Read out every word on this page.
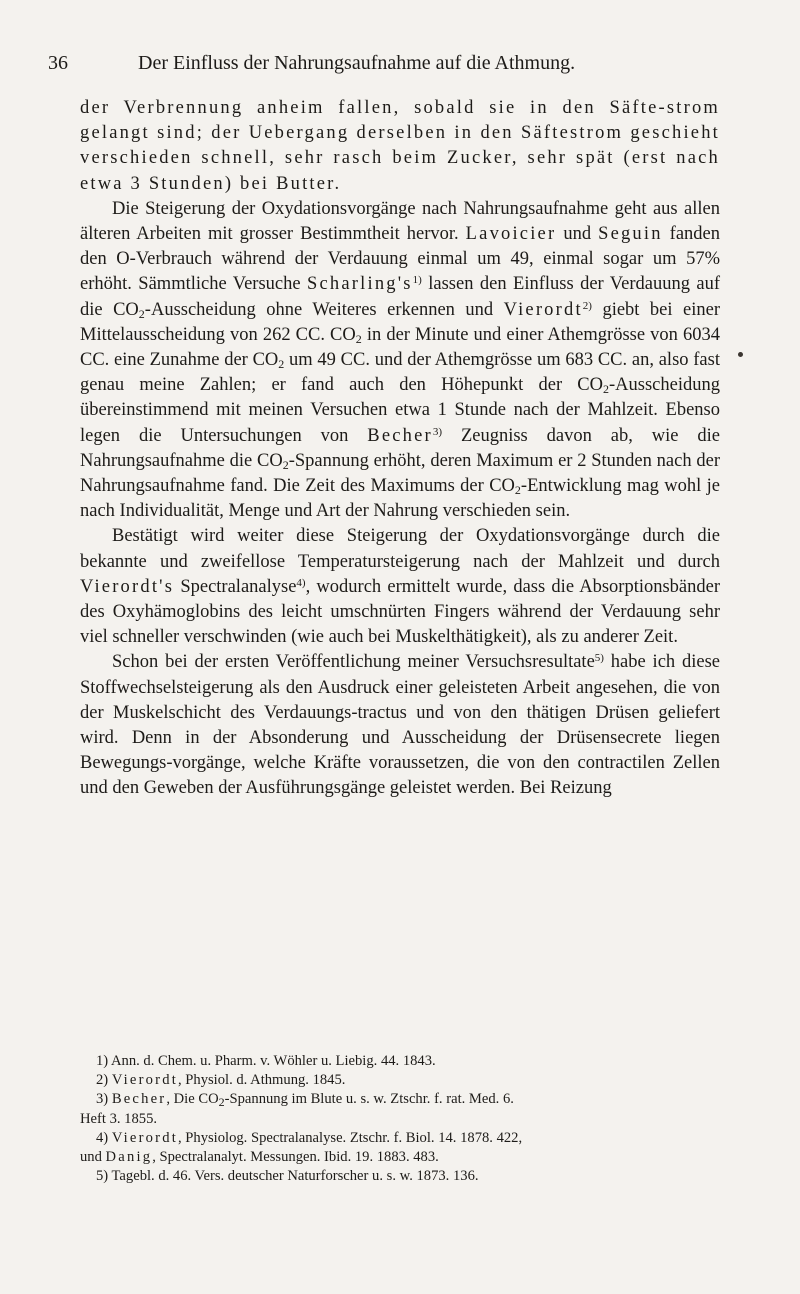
36	Der Einfluss der Nahrungsaufnahme auf die Athmung.

der Verbrennung anheim fallen, sobald sie in den Säfte-strom gelangt sind; der Uebergang derselben in den Säftestrom geschieht verschieden schnell, sehr rasch beim Zucker, sehr spät (erst nach etwa 3 Stunden) bei Butter.

Die Steigerung der Oxydationsvorgänge nach Nahrungsaufnahme geht aus allen älteren Arbeiten mit grosser Bestimmtheit hervor. Lavoicier und Seguin fanden den O-Verbrauch während der Verdauung einmal um 49, einmal sogar um 57% erhöht. Sämmtliche Versuche $Scharling's^{1)}$ lassen den Einfluss der Verdauung auf die $CO_2$-Ausscheidung ohne Weiteres erkennen und Vierordt$^{2)}$ giebt bei einer Mittelausscheidung von 262 CC. $CO_2$ in der Minute und einer Athemgrösse von 6034 CC. eine Zunahme der $CO_2$ um 49 CC. und der Athemgrösse um 683 CC. an, also fast genau meine Zahlen; er fand auch den Höhepunkt der $CO_2$-Ausscheidung übereinstimmend mit meinen Versuchen etwa 1 Stunde nach der Mahlzeit. Ebenso legen die Untersuchungen von Becher$^{3)}$ Zeugniss davon ab, wie die Nahrungsaufnahme die $CO_2$-Spannung erhöht, deren Maximum er 2 Stunden nach der Nahrungsaufnahme fand. Die Zeit des Maximums der $CO_2$-Entwicklung mag wohl je nach Individualität, Menge und Art der Nahrung verschieden sein.

Bestätigt wird weiter diese Steigerung der Oxydationsvorgänge durch die bekannte und zweifellose Temperatursteigerung nach der Mahlzeit und durch Vierordt's Spectralanalyse$^{4)}$, wodurch ermittelt wurde, dass die Absorptionsbänder des Oxyhämoglobins des leicht umschnürten Fingers während der Verdauung sehr viel schneller verschwinden (wie auch bei Muskelthätigkeit), als zu anderer Zeit.

Schon bei der ersten Veröffentlichung meiner Versuchsresultate$^{5)}$ habe ich diese Stoffwechselsteigerung als den Ausdruck einer geleisteten Arbeit angesehen, die von der Muskelschicht des Verdauungs-tractus und von den thätigen Drüsen geliefert wird. Denn in der Absonderung und Ausscheidung der Drüsensecrete liegen Bewegungs-vorgänge, welche Kräfte voraussetzen, die von den contractilen Zellen und den Geweben der Ausführungsgänge geleistet werden. Bei Reizung

1) Ann. d. Chem. u. Pharm. v. Wöhler u. Liebig. 44. 1843.

2) Vierordt, Physiol. d. Athmung. 1845.

3) Becher, Die $CO_2$-Spannung im Blute u. s. w. Ztschr. f. rat. Med. 6.

Heft 3. 1855.

4) Vierordt, Physiolog. Spectralanalyse. Ztschr. f. Biol. 14. 1878. 422,

und Danig, Spectralanalyt. Messungen. Ibid. 19. 1883. 483.

5) Tagebl. d. 46. Vers. deutscher Naturforscher u. s. w. 1873. 136.
